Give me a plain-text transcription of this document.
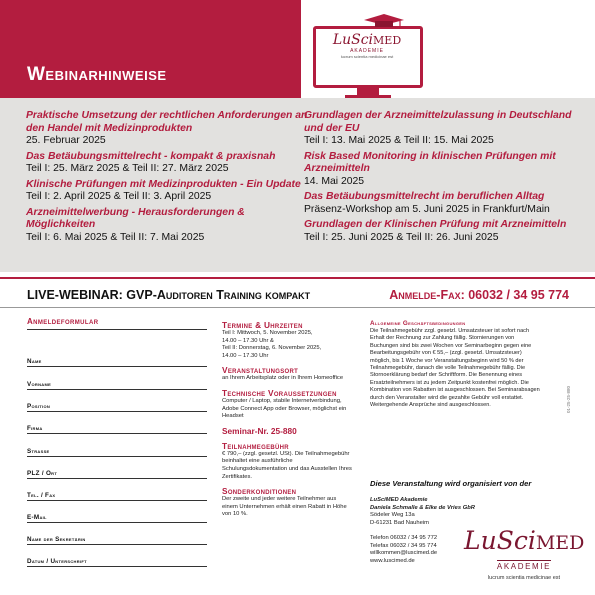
Webinarhinweise
LuSciMED
AKADEMIE
lucrum scientia medicinae est
Praktische Umsetzung der rechtlichen Anforderungen an den Handel mit Medizinprodukten
25. Februar 2025
Das Betäubungsmittelrecht - kompakt & praxisnah
Teil I: 25. März 2025 & Teil II: 27. März 2025
Klinische Prüfungen mit Medizinprodukten - Ein Update
Teil I: 2. April 2025 & Teil II: 3. April 2025
Arzneimittelwerbung - Herausforderungen & Möglichkeiten
Teil I: 6. Mai 2025 & Teil II: 7. Mai 2025
Grundlagen der Arzneimittelzulassung in Deutschland und der EU
Teil I: 13. Mai 2025 & Teil II: 15. Mai 2025
Risk Based Monitoring in klinischen Prüfungen mit Arzneimitteln
14. Mai 2025
Das Betäubungsmittelrecht im beruflichen Alltag
Präsenz-Workshop am 5. Juni 2025 in Frankfurt/Main
Grundlagen der Klinischen Prüfung mit Arzneimitteln
Teil I: 25. Juni 2025 & Teil II: 26. Juni 2025
LIVE-WEBINAR: GVP-Auditoren Training kompakt	Anmelde-Fax: 06032 / 34 95 774
Anmeldeformular
Name
Vorname
Position
Firma
Strasse
PLZ / Ort
Tel. / Fax
E-Mail
Name der Sekretärin
Datum / Unterschrift
Termine & Uhrzeiten
Teil I: Mittwoch, 5. November 2025,
14.00 – 17.30 Uhr &
Teil II: Donnerstag, 6. November 2025,
14.00 – 17.30 Uhr
Veranstaltungsort
an Ihrem Arbeitsplatz oder in Ihrem Homeoffice
Technische Voraussetzungen
Computer / Laptop, stabile Internetverbindung, Adobe Connect App oder Browser, möglichst ein Headset
Seminar-Nr. 25-880
Teilnahmegebühr
€ 790,– (zzgl. gesetzl. USt). Die Teilnahmegebühr beinhaltet eine ausführliche Schulungsdokumentation und das Ausstellen Ihres Zertifikates.
Sonderkonditionen
Der zweite und jeder weitere Teilnehmer aus einem Unternehmen erhält einen Rabatt in Höhe von 10 %.
Allgemeine Geschäftsbedingungen
Die Teilnahmegebühr zzgl. gesetzl. Umsatzsteuer ist sofort nach Erhalt der Rechnung zur Zahlung fällig. Stornierungen von Buchungen sind bis zwei Wochen vor Seminarbeginn gegen eine Bearbeitungsgebühr von € 55,– (zzgl. gesetzl. Umsatzsteuer) möglich, bis 1 Woche vor Veranstaltungsbeginn wird 50 % der Teilnahmegebühr, danach die volle Teilnahmegebühr fällig. Die Stornoerklärung bedarf der Schriftform. Die Benennung eines Ersatzteilnehmers ist zu jedem Zeitpunkt kostenfrei möglich. Die Kombination von Rabatten ist ausgeschlossen. Bei Seminarabsagen durch den Veranstalter wird die gezahlte Gebühr voll erstattet. Weitergehende Ansprüche sind ausgeschlossen.	01-25-25-880
Diese Veranstaltung wird organisiert von der
LuSciMED Akademie
Daniela Schmalle & Elke de Vries GbR
Södeler Weg 13a
D-61231 Bad Nauheim
Telefon 06032 / 34 95 772
Telefax 06032 / 34 95 774
willkommen@luscimed.de
www.luscimed.de
LuSciMED
AKADEMIE
lucrum scientia medicinae est
